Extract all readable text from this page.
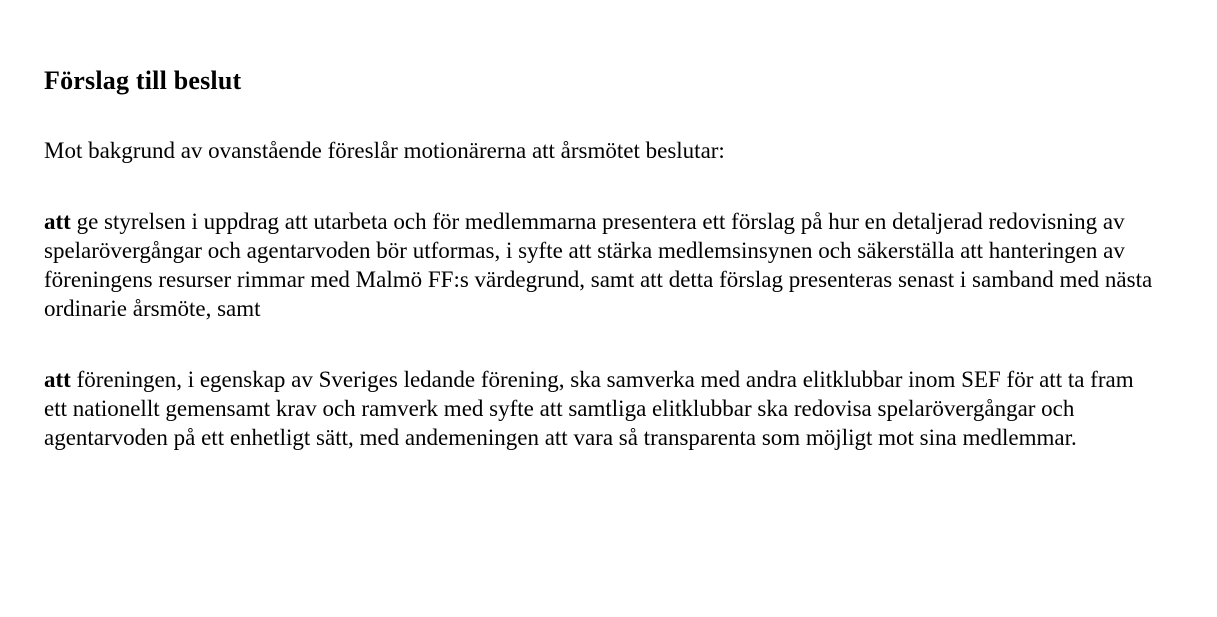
Förslag till beslut

Mot bakgrund av ovanstående föreslår motionärerna att årsmötet beslutar:

att ge styrelsen i uppdrag att utarbeta och för medlemmarna presentera ett förslag på hur en detaljerad redovisning av spelarövergångar och agentarvoden bör utformas, i syfte att stärka medlemsinsynen och säkerställa att hanteringen av föreningens resurser rimmar med Malmö FF:s värdegrund, samt att detta förslag presenteras senast i samband med nästa ordinarie årsmöte, samt

att föreningen, i egenskap av Sveriges ledande förening, ska samverka med andra elitklubbar inom SEF för att ta fram ett nationellt gemensamt krav och ramverk med syfte att samtliga elitklubbar ska redovisa spelarövergångar och agentarvoden på ett enhetligt sätt, med andemeningen att vara så transparenta som möjligt mot sina medlemmar.
